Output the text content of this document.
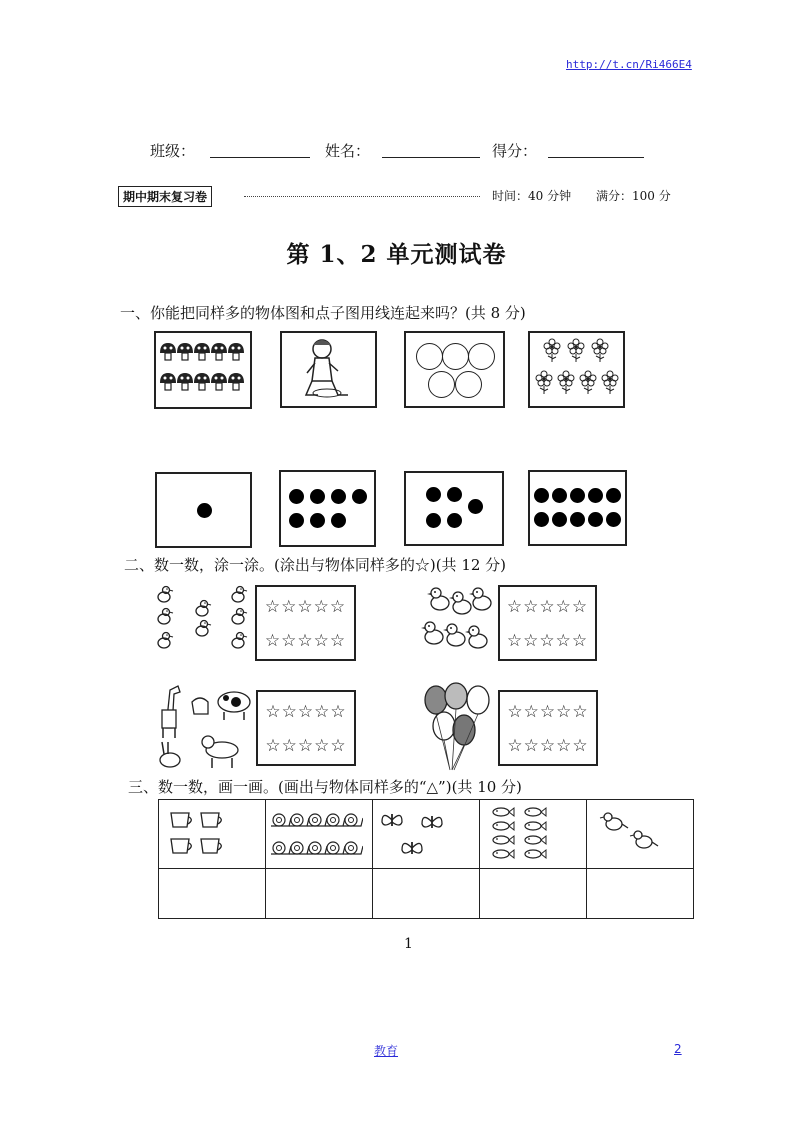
http://t.cn/Ri466E4
班级：	姓名：	得分：
期中期末复习卷	时间：40 分钟 满分：100 分
第 1、2 单元测试卷
一、你能把同样多的物体图和点子图用线连起来吗？(共 8 分)
二、数一数，涂一涂。(涂出与物体同样多的☆)(共 12 分)
☆☆☆☆☆
☆☆☆☆☆
☆☆☆☆☆
☆☆☆☆☆
☆☆☆☆☆
☆☆☆☆☆
☆☆☆☆☆
☆☆☆☆☆
三、数一数，画一画。(画出与物体同样多的“△”)(共 10 分)

1
教育	2
